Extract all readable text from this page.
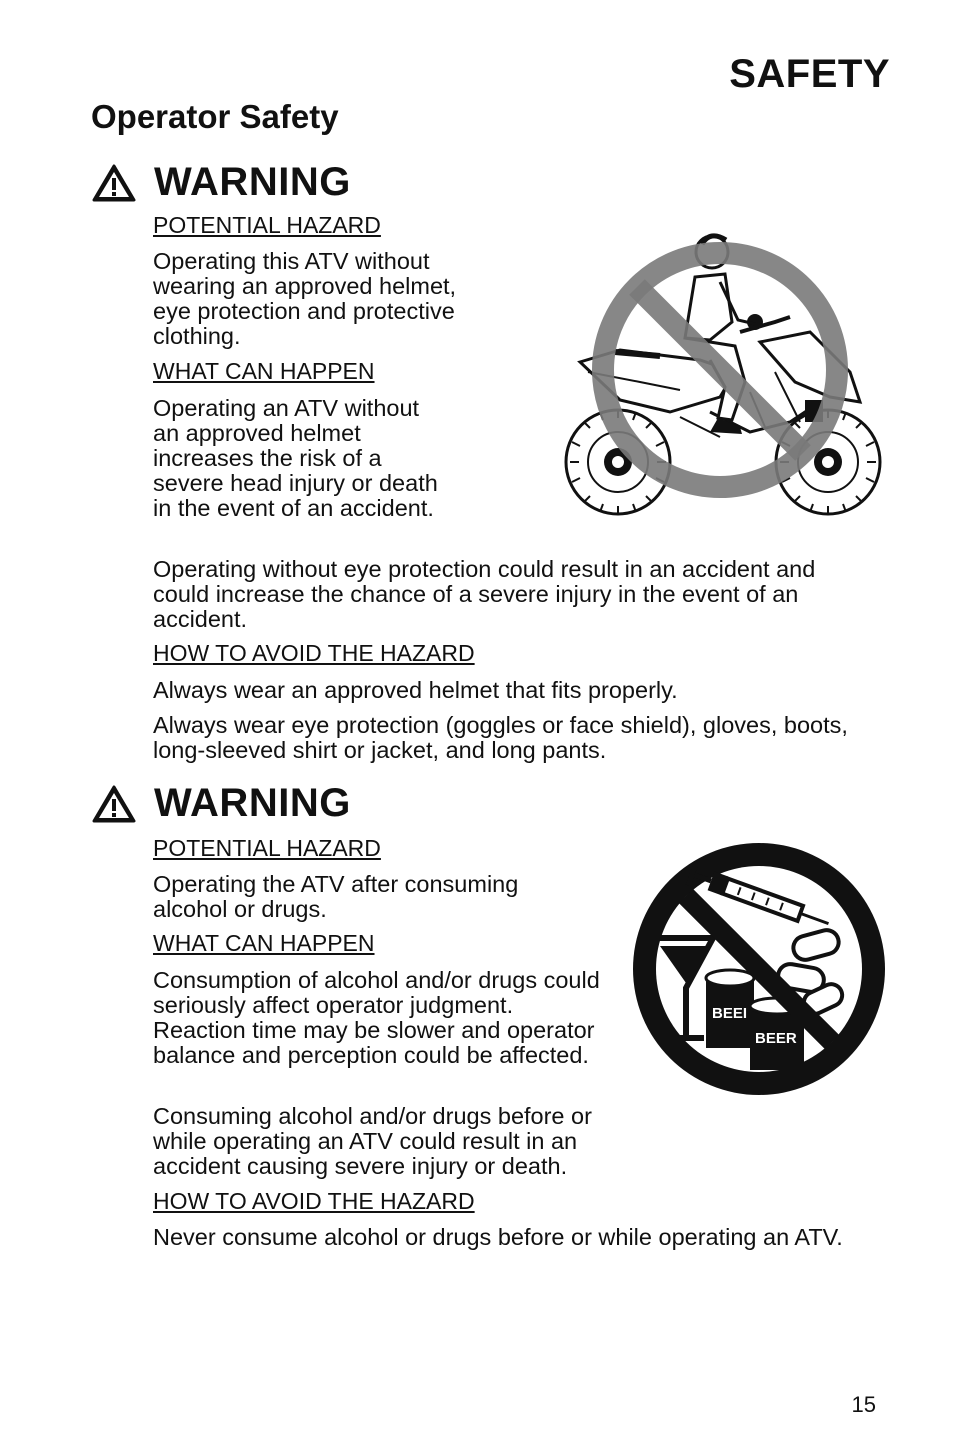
SAFETY
Operator Safety
WARNING

POTENTIAL HAZARD

Operating this ATV without wearing an approved helmet, eye protection and protective clothing.

WHAT CAN HAPPEN

Operating an ATV without an approved helmet increases the risk of a severe head injury or death in the event of an accident.

Operating without eye protection could result in an accident and could increase the chance of a severe injury in the event of an accident.

HOW TO AVOID THE HAZARD

Always wear an approved helmet that fits properly.

Always wear eye protection (goggles or face shield), gloves, boots, long-sleeved shirt or jacket, and long pants.

WARNING

POTENTIAL HAZARD

Operating the ATV after consuming alcohol or drugs.

WHAT CAN HAPPEN

Consumption of alcohol and/or drugs could seriously affect operator judgment. Reaction time may be slower and operator balance and perception could be affected.

Consuming alcohol and/or drugs before or while operating an ATV could result in an accident causing severe injury or death.

HOW TO AVOID THE HAZARD

Never consume alcohol or drugs before or while operating an ATV.

BEEI
BEER

15
